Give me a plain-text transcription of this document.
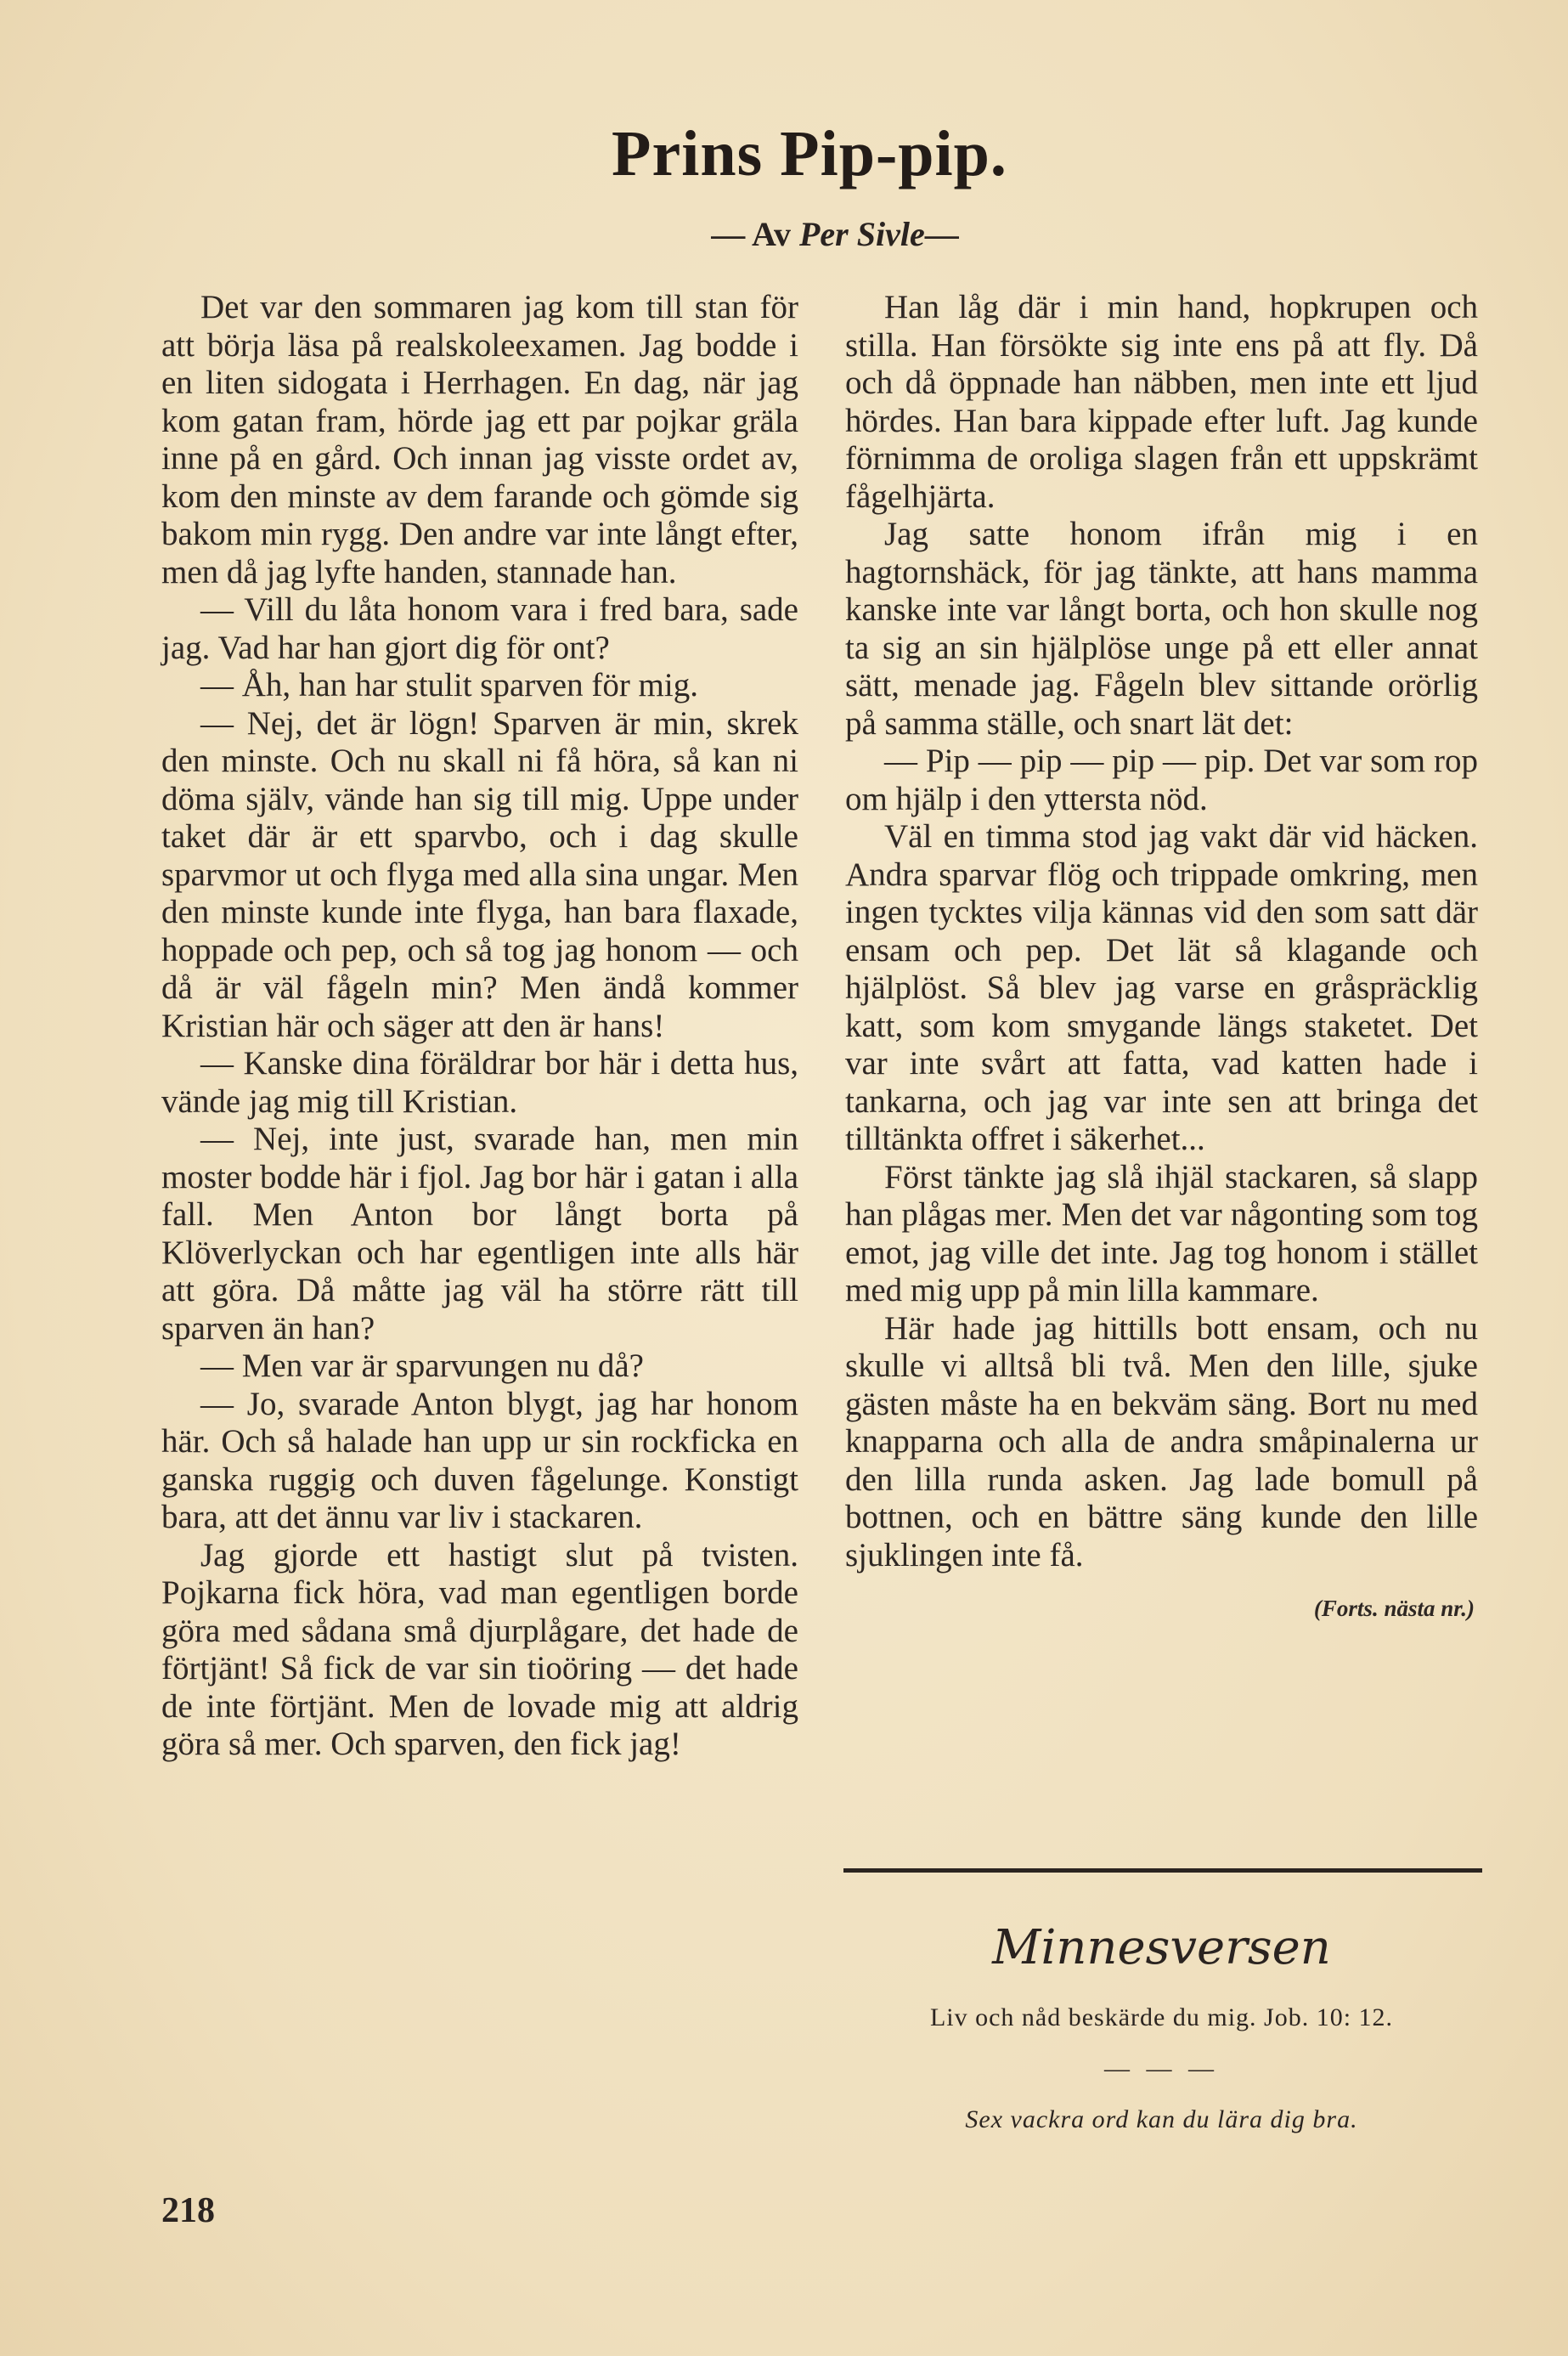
Prins Pip-pip.
— Av Per Sivle—

Det var den sommaren jag kom till stan för att börja läsa på realskoleexamen. Jag bodde i en liten sidogata i Herrhagen. En dag, när jag kom gatan fram, hörde jag ett par pojkar gräla inne på en gård. Och innan jag visste ordet av, kom den minste av dem farande och gömde sig bakom min rygg. Den andre var inte långt efter, men då jag lyfte handen, stannade han.

— Vill du låta honom vara i fred bara, sade jag. Vad har han gjort dig för ont?

— Åh, han har stulit sparven för mig.

— Nej, det är lögn! Sparven är min, skrek den minste. Och nu skall ni få höra, så kan ni döma själv, vände han sig till mig. Uppe under taket där är ett sparvbo, och i dag skulle sparvmor ut och flyga med alla sina ungar. Men den minste kunde inte flyga, han bara flaxade, hoppade och pep, och så tog jag honom — och då är väl fågeln min? Men ändå kommer Kristian här och säger att den är hans!

— Kanske dina föräldrar bor här i detta hus, vände jag mig till Kristian.

— Nej, inte just, svarade han, men min moster bodde här i fjol. Jag bor här i gatan i alla fall. Men Anton bor långt borta på Klöverlyckan och har egentligen inte alls här att göra. Då måtte jag väl ha större rätt till sparven än han?

— Men var är sparvungen nu då?

— Jo, svarade Anton blygt, jag har honom här. Och så halade han upp ur sin rockficka en ganska ruggig och duven fågelunge. Konstigt bara, att det ännu var liv i stackaren.

Jag gjorde ett hastigt slut på tvisten. Pojkarna fick höra, vad man egentligen borde göra med sådana små djurplågare, det hade de förtjänt! Så fick de var sin tioöring — det hade de inte förtjänt. Men de lovade mig att aldrig göra så mer. Och sparven, den fick jag!

Han låg där i min hand, hopkrupen och stilla. Han försökte sig inte ens på att fly. Då och då öppnade han näbben, men inte ett ljud hördes. Han bara kippade efter luft. Jag kunde förnimma de oroliga slagen från ett uppskrämt fågelhjärta.

Jag satte honom ifrån mig i en hagtornshäck, för jag tänkte, att hans mamma kanske inte var långt borta, och hon skulle nog ta sig an sin hjälplöse unge på ett eller annat sätt, menade jag. Fågeln blev sittande orörlig på samma ställe, och snart lät det:

— Pip — pip — pip — pip. Det var som rop om hjälp i den yttersta nöd.

Väl en timma stod jag vakt där vid häcken. Andra sparvar flög och trippade omkring, men ingen tycktes vilja kännas vid den som satt där ensam och pep. Det lät så klagande och hjälplöst. Så blev jag varse en gråspräcklig katt, som kom smygande längs staketet. Det var inte svårt att fatta, vad katten hade i tankarna, och jag var inte sen att bringa det tilltänkta offret i säkerhet...

Först tänkte jag slå ihjäl stackaren, så slapp han plågas mer. Men det var någonting som tog emot, jag ville det inte. Jag tog honom i stället med mig upp på min lilla kammare.

Här hade jag hittills bott ensam, och nu skulle vi alltså bli två. Men den lille, sjuke gästen måste ha en bekväm säng. Bort nu med knapparna och alla de andra småpinalerna ur den lilla runda asken. Jag lade bomull på bottnen, och en bättre säng kunde den lille sjuklingen inte få.

(Forts. nästa nr.)
Minnesversen
Liv och nåd beskärde du mig. Job. 10: 12.
— — —
Sex vackra ord kan du lära dig bra.
218
